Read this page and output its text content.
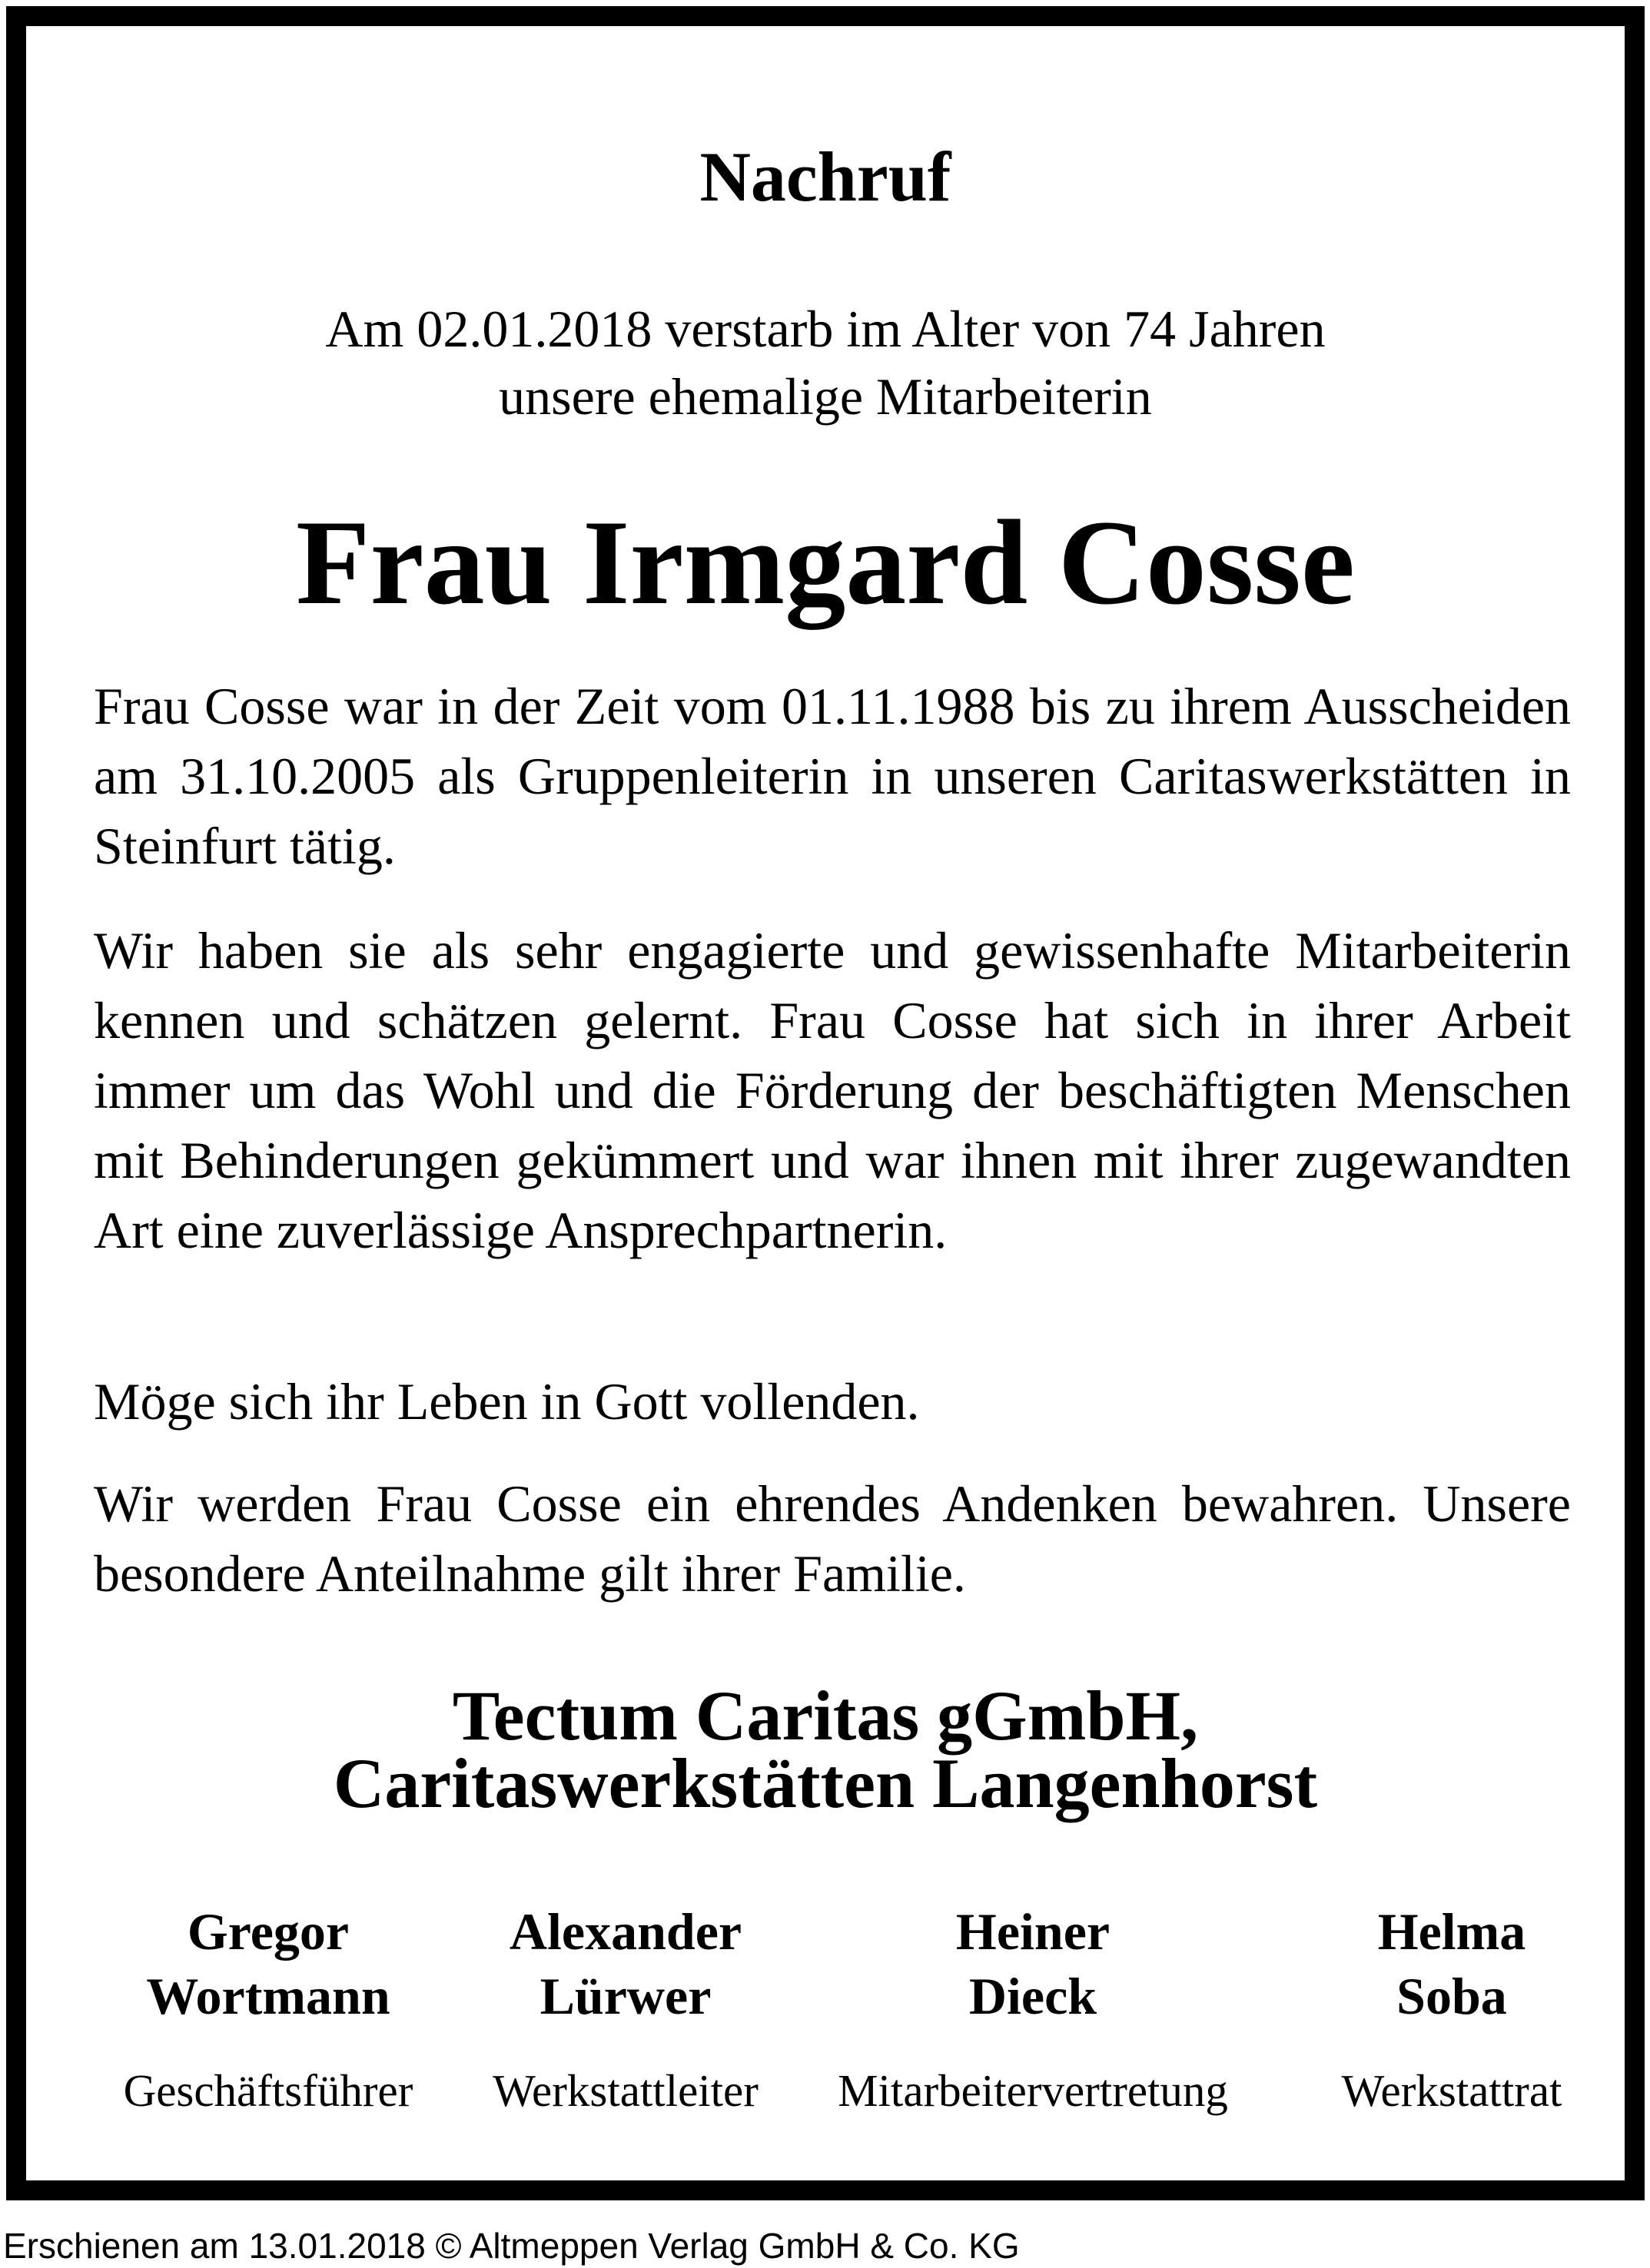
Nachruf
Am 02.01.2018 verstarb im Alter von 74 Jahren
unsere ehemalige Mitarbeiterin
Frau Irmgard Cosse
Frau Cosse war in der Zeit vom 01.11.1988 bis zu ihrem Ausscheiden am 31.10.2005 als Gruppenleiterin in unseren Caritaswerkstätten in Steinfurt tätig.
Wir haben sie als sehr engagierte und gewissenhafte Mitarbeiterin kennen und schätzen gelernt. Frau Cosse hat sich in ihrer Arbeit immer um das Wohl und die Förderung der beschäftigten Menschen mit Behinderungen gekümmert und war ihnen mit ihrer zugewandten Art eine zuverlässige Ansprechpartnerin.
Möge sich ihr Leben in Gott vollenden.
Wir werden Frau Cosse ein ehrendes Andenken bewahren. Unsere besondere Anteilnahme gilt ihrer Familie.
Tectum Caritas gGmbH,
Caritaswerkstätten Langenhorst
Gregor
Wortmann
Geschäftsführer
Alexander
Lürwer
Werkstattleiter
Heiner
Dieck
Mitarbeitervertretung
Helma
Soba
Werkstattrat
Erschienen am 13.01.2018 © Altmeppen Verlag GmbH & Co. KG
